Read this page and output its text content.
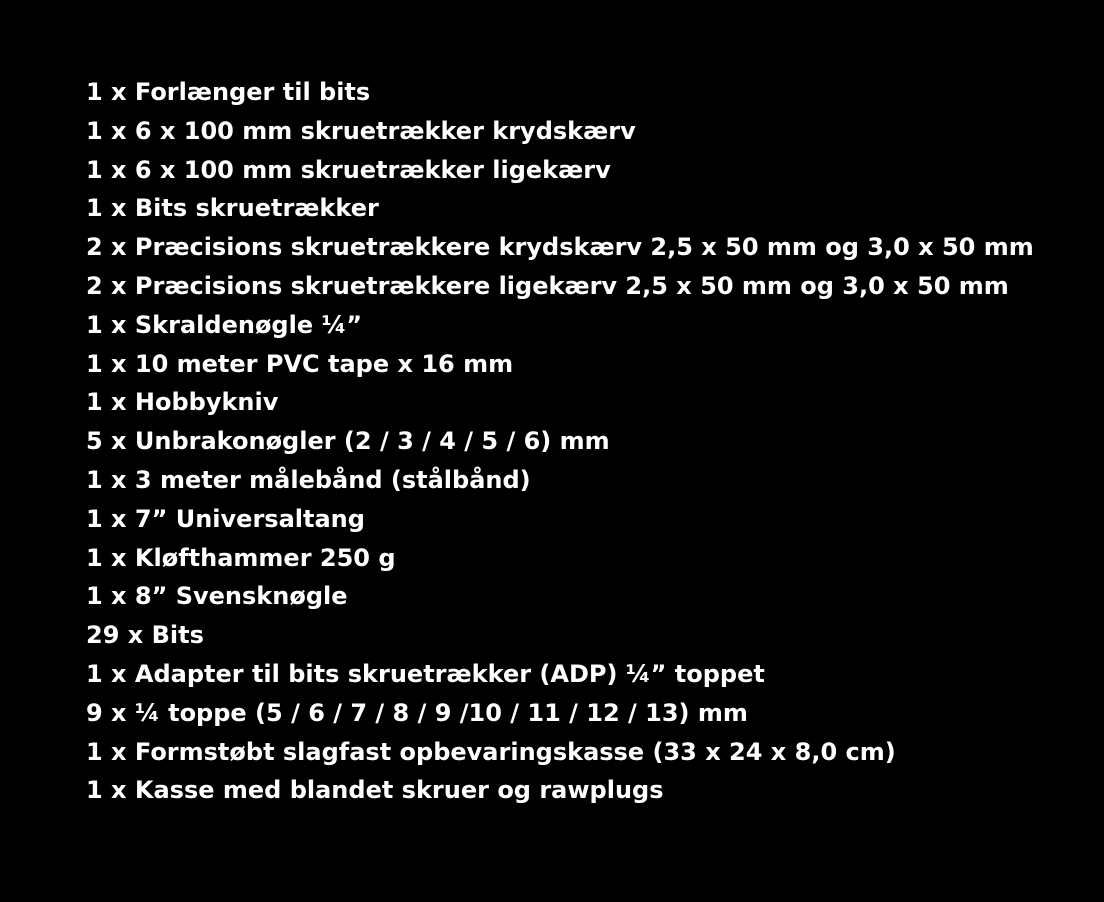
1 x Forlænger til bits
1 x 6 x 100 mm skruetrækker krydskærv
1 x 6 x 100 mm skruetrækker ligekærv
1 x Bits skruetrækker
2 x Præcisions skruetrækkere krydskærv 2,5 x 50 mm og 3,0 x 50 mm
2 x Præcisions skruetrækkere ligekærv 2,5 x 50 mm og 3,0 x 50 mm
1 x Skraldenøgle ¼”
1 x 10 meter PVC tape x 16 mm
1 x Hobbykniv
5 x Unbrakonøgler (2 / 3 / 4 / 5 / 6) mm
1 x 3 meter målebånd (stålbånd)
1 x 7” Universaltang
1 x Kløfthammer 250 g
1 x 8” Svensknøgle
29 x Bits
1 x Adapter til bits skruetrækker (ADP) ¼” toppet
9 x ¼ toppe (5 / 6 / 7 / 8 / 9 /10 / 11 / 12 / 13) mm
1 x Formstøbt slagfast opbevaringskasse (33 x 24 x 8,0 cm)
1 x Kasse med blandet skruer og rawplugs
